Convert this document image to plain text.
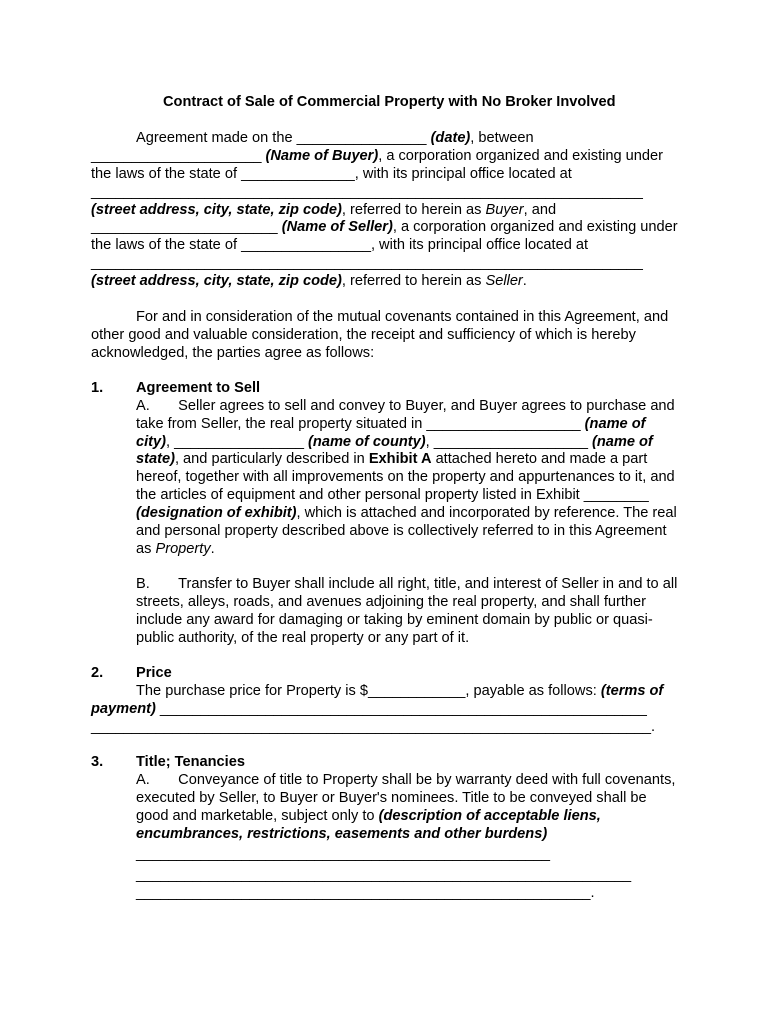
Contract of Sale of Commercial Property with No Broker Involved
Agreement made on the ________________ (date), between
_____________________ (Name of Buyer), a corporation organized and existing under
the laws of the state of ______________, with its principal office located at
____________________________________________________________________
(street address, city, state, zip code), referred to herein as Buyer, and
_______________________ (Name of Seller), a corporation organized and existing under
the laws of the state of ________________, with its principal office located at
____________________________________________________________________
(street address, city, state, zip code), referred to herein as Seller.
For and in consideration of the mutual covenants contained in this Agreement, and
other good and valuable consideration, the receipt and sufficiency of which is hereby
acknowledged, the parties agree as follows:
1. Agreement to Sell
A.       Seller agrees to sell and convey to Buyer, and Buyer agrees to purchase and
take from Seller, the real property situated in ___________________ (name of
city), ________________ (name of county), ___________________ (name of
state), and particularly described in Exhibit A attached hereto and made a part
hereof, together with all improvements on the property and appurtenances to it, and
the articles of equipment and other personal property listed in Exhibit ________
(designation of exhibit), which is attached and incorporated by reference. The real
and personal property described above is collectively referred to in this Agreement
as Property.
B.       Transfer to Buyer shall include all right, title, and interest of Seller in and to all
streets, alleys, roads, and avenues adjoining the real property, and shall further
include any award for damaging or taking by eminent domain by public or quasi-
public authority, of the real property or any part of it.
2. Price
The purchase price for Property is $____________, payable as follows: (terms of
payment) ____________________________________________________________
_____________________________________________________________________.
3. Title; Tenancies
A.       Conveyance of title to Property shall be by warranty deed with full covenants,
executed by Seller, to Buyer or Buyer's nominees. Title to be conveyed shall be
good and marketable, subject only to (description of acceptable liens,
encumbrances, restrictions, easements and other burdens)
___________________________________________________
_____________________________________________________________
________________________________________________________.
